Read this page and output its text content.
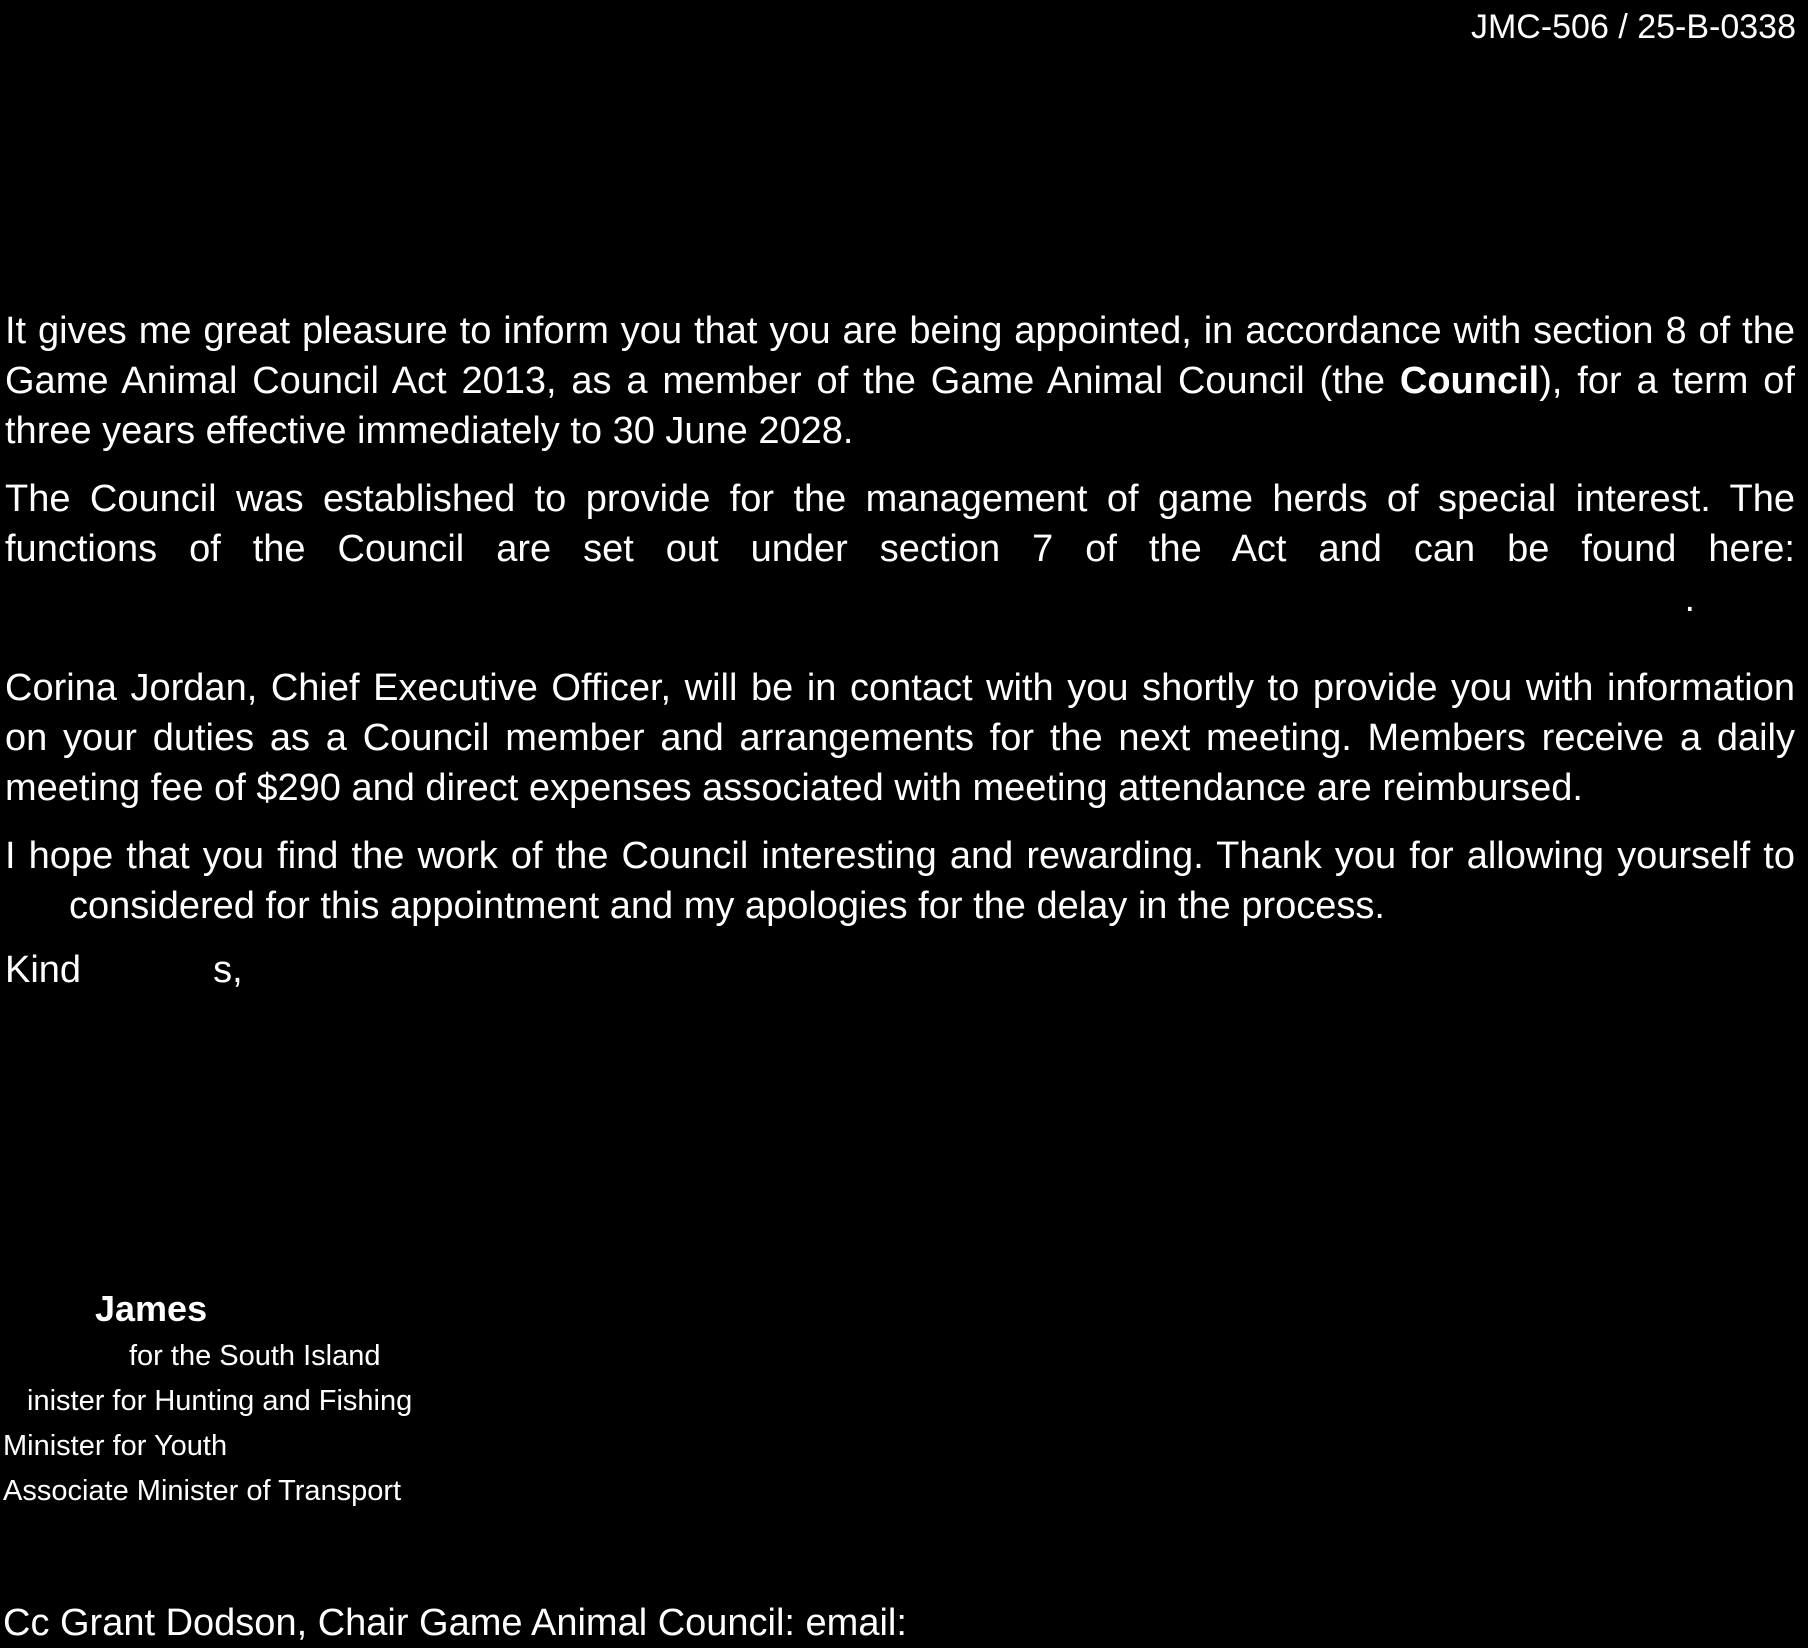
JMC-506 / 25-B-0338

It gives me great pleasure to inform you that you are being appointed, in accordance with section 8 of the Game Animal Council Act 2013, as a member of the Game Animal Council (the Council), for a term of three years effective immediately to 30 June 2028.

The Council was established to provide for the management of game herds of special interest. The functions of the Council are set out under section 7 of the Act and can be found here:
.

Corina Jordan, Chief Executive Officer, will be in contact with you shortly to provide you with information on your duties as a Council member and arrangements for the next meeting. Members receive a daily meeting fee of $290 and direct expenses associated with meeting attendance are reimbursed.

I hope that you find the work of the Council interesting and rewarding. Thank you for allowing yourself to considered for this appointment and my apologies for the delay in the process.

Kind	s,

James
for the South Island
inister for Hunting and Fishing
Minister for Youth
Associate Minister of Transport
Cc Grant Dodson, Chair Game Animal Council: email:
